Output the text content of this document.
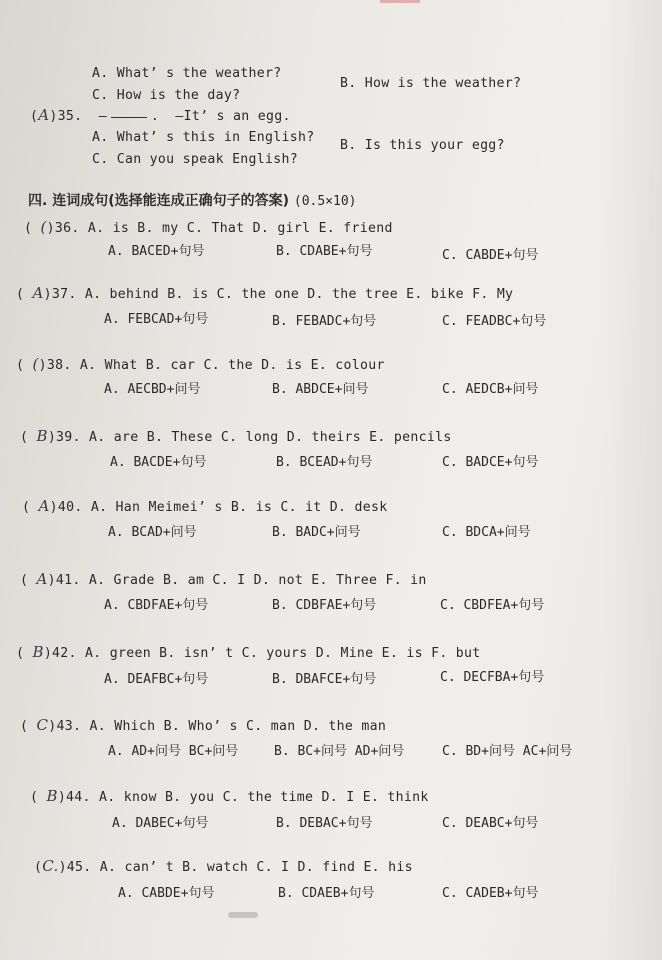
A. What’ s the weather?
B. How is the weather?
C. How is the day?
(A)35. —	. —It’ s an egg.
A. What’ s this in English?
B. Is this your egg?
C. Can you speak English?
四. 连词成句(选择能连成正确句子的答案) (0.5×10)
( ()36. A. is B. my C. That D. girl E. friend
A. BACED+句号	B. CDABE+句号	C. CABDE+句号
( A)37. A. behind B. is C. the one D. the tree E. bike F. My
A. FEBCAD+句号	B. FEBADC+句号	C. FEADBC+句号
( ()38. A. What B. car C. the D. is E. colour
A. AECBD+问号	B. ABDCE+问号	C. AEDCB+问号
( B)39. A. are B. These C. long D. theirs E. pencils
A. BACDE+句号	B. BCEAD+句号	C. BADCE+句号
( A)40. A. Han Meimei’ s B. is C. it D. desk
A. BCAD+问号	B. BADC+问号	C. BDCA+问号
( A)41. A. Grade B. am C. I D. not E. Three F. in
A. CBDFAE+句号	B. CDBFAE+句号	C. CBDFEA+句号
( B)42. A. green B. isn’ t C. yours D. Mine E. is F. but
A. DEAFBC+句号	B. DBAFCE+句号	C. DECFBA+句号
( C)43. A. Which B. Who’ s C. man D. the man
A. AD+问号 BC+问号	B. BC+问号 AD+问号	C. BD+问号 AC+问号
( B)44. A. know B. you C. the time D. I E. think
A. DABEC+句号	B. DEBAC+句号	C. DEABC+句号
(C.)45. A. can’ t B. watch C. I D. find E. his
A. CABDE+句号	B. CDAEB+句号	C. CADEB+句号
